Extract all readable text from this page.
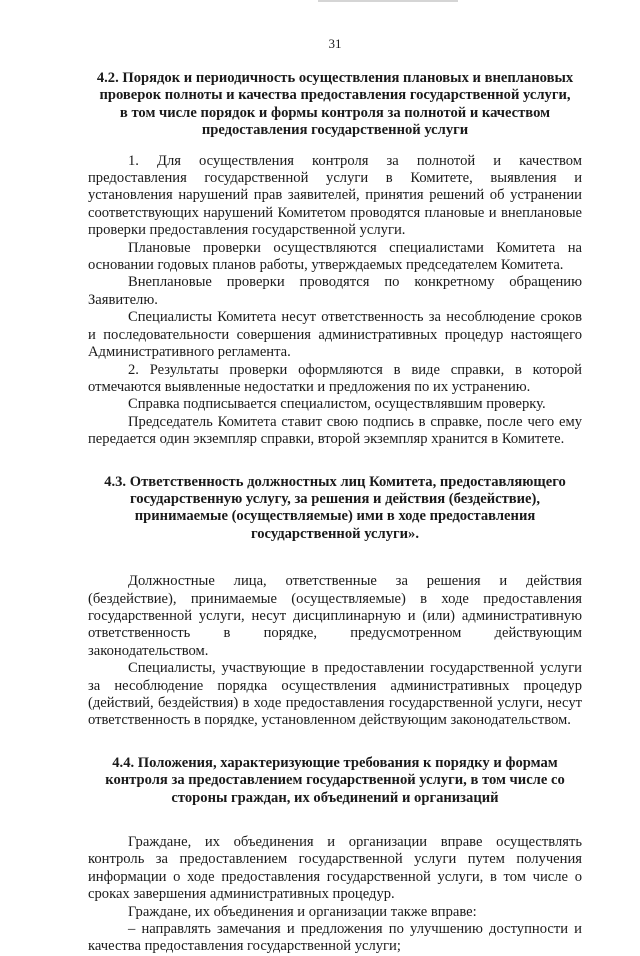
31
4.2. Порядок и периодичность осуществления плановых и внеплановых проверок полноты и качества предоставления государственной услуги, в том числе порядок и формы контроля за полнотой и качеством предоставления государственной услуги

1. Для осуществления контроля за полнотой и качеством предоставления государственной услуги в Комитете, выявления и установления нарушений прав заявителей, принятия решений об устранении соответствующих нарушений Комитетом проводятся плановые и внеплановые проверки предоставления государственной услуги.

Плановые проверки осуществляются специалистами Комитета на основании годовых планов работы, утверждаемых председателем Комитета.

Внеплановые проверки проводятся по конкретному обращению Заявителю.

Специалисты Комитета несут ответственность за несоблюдение сроков и последовательности совершения административных процедур настоящего Административного регламента.

2. Результаты проверки оформляются в виде справки, в которой отмечаются выявленные недостатки и предложения по их устранению.

Справка подписывается специалистом, осуществлявшим проверку.

Председатель Комитета ставит свою подпись в справке, после чего ему передается один экземпляр справки, второй экземпляр хранится в Комитете.

4.3. Ответственность должностных лиц Комитета, предоставляющего государственную услугу, за решения и действия (бездействие), принимаемые (осуществляемые) ими в ходе предоставления государственной услуги».

Должностные лица, ответственные за решения и действия (бездействие), принимаемые (осуществляемые) в ходе предоставления государственной услуги, несут дисциплинарную и (или) административную ответственность в порядке, предусмотренном действующим законодательством.

Специалисты, участвующие в предоставлении государственной услуги за несоблюдение порядка осуществления административных процедур (действий, бездействия) в ходе предоставления государственной услуги, несут ответственность в порядке, установленном действующим законодательством.

4.4. Положения, характеризующие требования к порядку и формам контроля за предоставлением государственной услуги, в том числе со стороны граждан, их объединений и организаций

Граждане, их объединения и организации вправе осуществлять контроль за предоставлением государственной услуги путем получения информации о ходе предоставления государственной услуги, в том числе о сроках завершения административных процедур.

Граждане, их объединения и организации также вправе:

– направлять замечания и предложения по улучшению доступности и качества предоставления государственной услуги;
